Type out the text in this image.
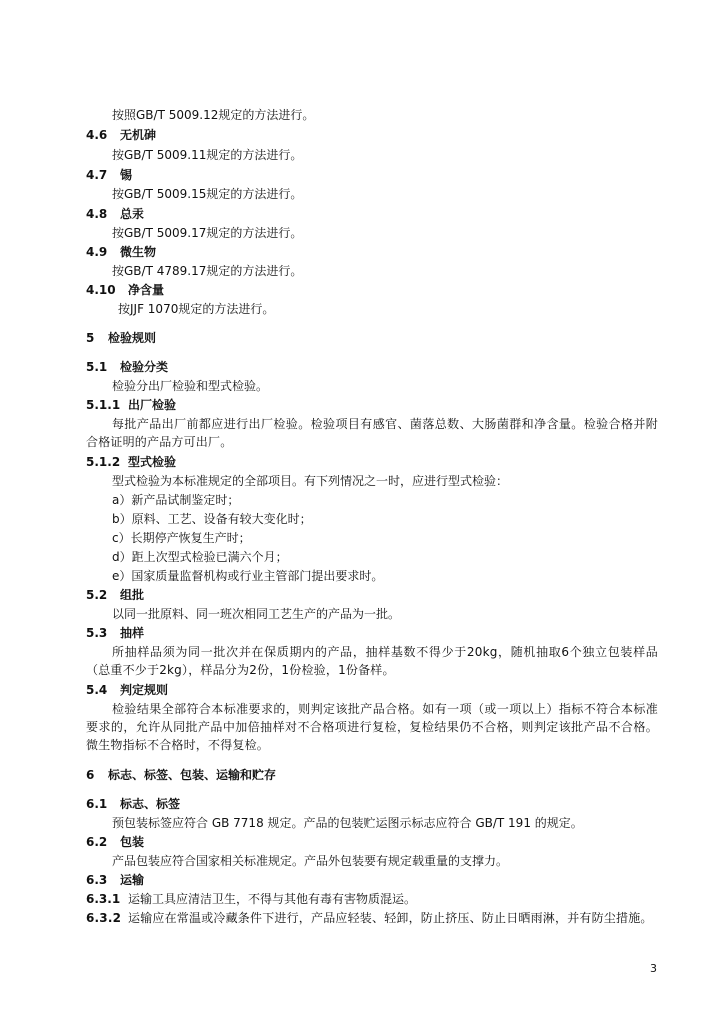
按照GB/T 5009.12规定的方法进行。
4.6 无机砷
按GB/T 5009.11规定的方法进行。
4.7 锡
按GB/T 5009.15规定的方法进行。
4.8 总汞
按GB/T 5009.17规定的方法进行。
4.9 微生物
按GB/T 4789.17规定的方法进行。
4.10 净含量
按JJF 1070规定的方法进行。
5 检验规则
5.1 检验分类
检验分出厂检验和型式检验。
5.1.1 出厂检验
每批产品出厂前都应进行出厂检验。检验项目有感官、菌落总数、大肠菌群和净含量。检验合格并附合格证明的产品方可出厂。
5.1.2 型式检验
型式检验为本标准规定的全部项目。有下列情况之一时，应进行型式检验：
a）新产品试制鉴定时；
b）原料、工艺、设备有较大变化时；
c）长期停产恢复生产时；
d）距上次型式检验已满六个月；
e）国家质量监督机构或行业主管部门提出要求时。
5.2 组批
以同一批原料、同一班次相同工艺生产的产品为一批。
5.3 抽样
所抽样品须为同一批次并在保质期内的产品，抽样基数不得少于20kg，随机抽取6个独立包装样品（总重不少于2kg），样品分为2份，1份检验，1份备样。
5.4 判定规则
检验结果全部符合本标准要求的，则判定该批产品合格。如有一项（或一项以上）指标不符合本标准要求的，允许从同批产品中加倍抽样对不合格项进行复检，复检结果仍不合格，则判定该批产品不合格。微生物指标不合格时，不得复检。
6 标志、标签、包装、运输和贮存
6.1 标志、标签
预包装标签应符合 GB 7718 规定。产品的包装贮运图示标志应符合 GB/T 191 的规定。
6.2 包装
产品包装应符合国家相关标准规定。产品外包装要有规定载重量的支撑力。
6.3 运输
6.3.1 运输工具应清洁卫生，不得与其他有毒有害物质混运。
6.3.2 运输应在常温或冷藏条件下进行，产品应轻装、轻卸，防止挤压、防止日晒雨淋，并有防尘措施。
3
